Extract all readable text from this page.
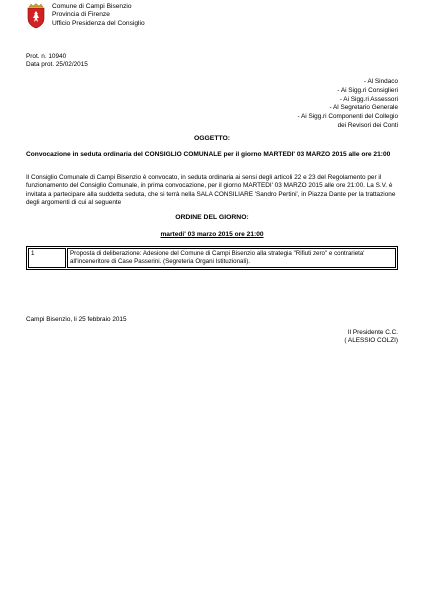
Comune di Campi Bisenzio
Provincia di Firenze
Ufficio Presidenza del Consiglio
Prot. n. 10940
Data prot. 25/02/2015
- Al Sindaco
- Ai Sigg.ri Consiglieri
- Ai Sigg.ri Assessori
- Al Segretario Generale
- Ai Sigg.ri Componenti del Collegio
dei Revisori dei Conti
OGGETTO:
Convocazione in seduta ordinaria del CONSIGLIO COMUNALE per il giorno MARTEDI' 03 MARZO 2015 alle ore 21:00
Il Consiglio Comunale di Campi Bisenzio è convocato, in seduta ordinaria ai sensi degli articoli 22 e 23 del Regolamento per il funzionamento del Consiglio Comunale, in prima convocazione, per il giorno MARTEDI' 03 MARZO 2015 alle ore 21:00. La S.V. è invitata a partecipare alla suddetta seduta, che si terrà nella SALA CONSILIARE 'Sandro Pertini', in Piazza Dante per la trattazione degli argomenti di cui al seguente
ORDINE DEL GIORNO:
martedi' 03 marzo 2015 ore 21:00
1	Proposta di deliberazione: Adesione del Comune di Campi Bisenzio alla strategia "Rifiuti zero" e contrarieta' all'inceneritore di Case Passerini. (Segreteria Organi Istituzionali).
Campi Bisenzio, li 25 febbraio 2015
Il Presidente C.C.
( ALESSIO COLZI)
